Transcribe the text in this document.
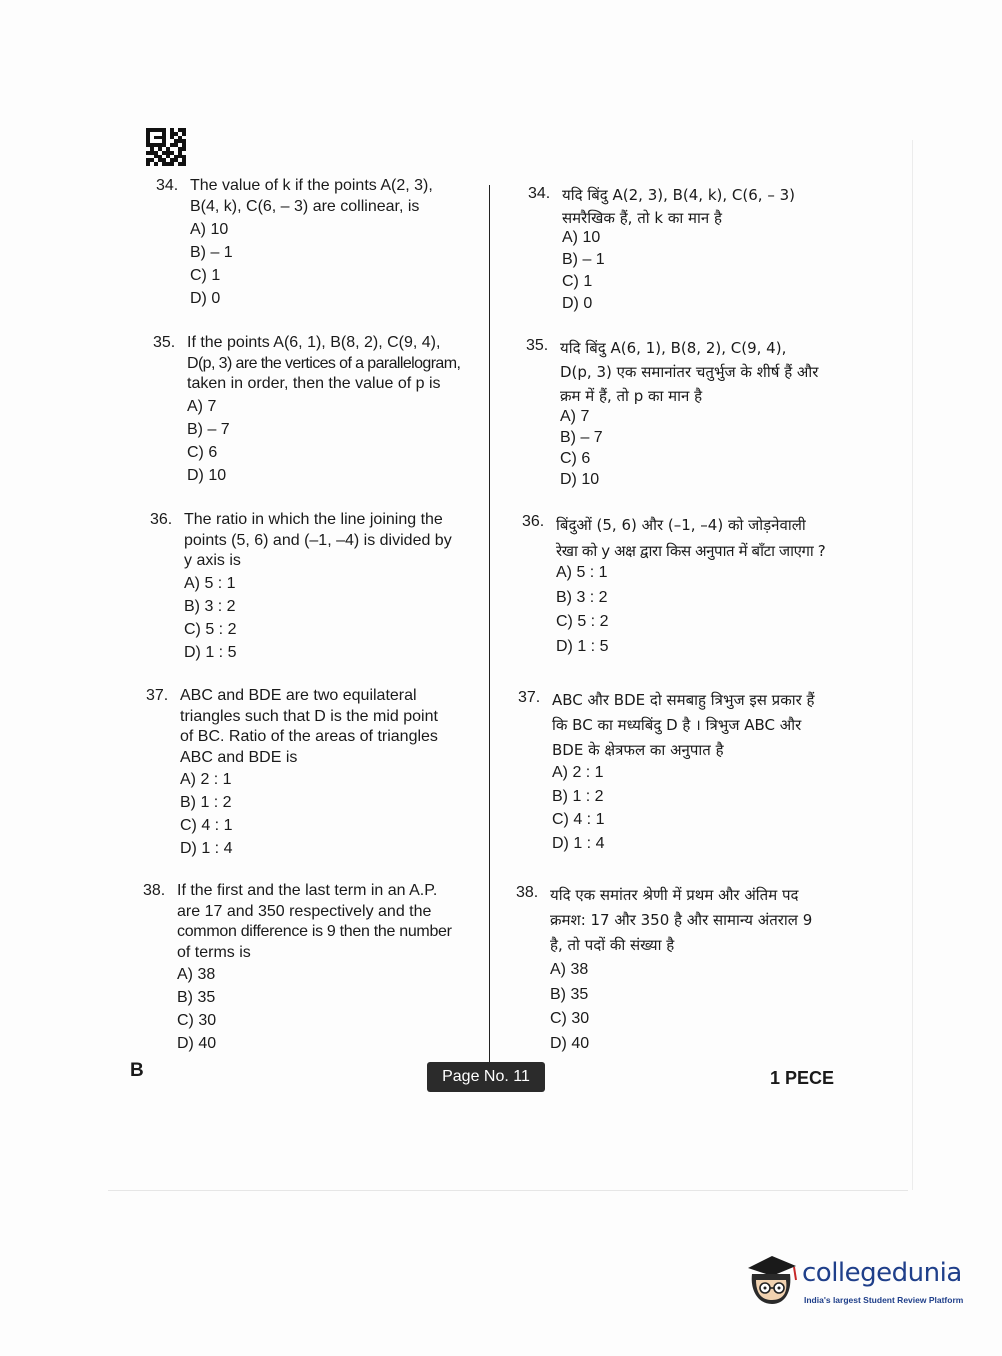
34. The value of k if the points A(2, 3),
B(4, k), C(6, – 3) are collinear, is
A) 10
B) – 1
C) 1
D) 0
35. If the points A(6, 1), B(8, 2), C(9, 4),
D(p, 3) are the vertices of a parallelogram,
taken in order, then the value of p is
A) 7
B) – 7
C) 6
D) 10
36. The ratio in which the line joining the
points (5, 6) and (–1, –4) is divided by
y axis is
A) 5 : 1
B) 3 : 2
C) 5 : 2
D) 1 : 5
37. ABC and BDE are two equilateral
triangles such that D is the mid point
of BC. Ratio of the areas of triangles
ABC and BDE is
A) 2 : 1
B) 1 : 2
C) 4 : 1
D) 1 : 4
38. If the first and the last term in an A.P.
are 17 and 350 respectively and the
common difference is 9 then the number
of terms is
A) 38
B) 35
C) 30
D) 40
34. यदि बिंदु A(2, 3), B(4, k), C(6, – 3)
समरैखिक हैं, तो k का मान है
A) 10
B) – 1
C) 1
D) 0
35. यदि बिंदु A(6, 1), B(8, 2), C(9, 4),
D(p, 3) एक समानांतर चतुर्भुज के शीर्ष हैं और
क्रम में हैं, तो p का मान है
A) 7
B) – 7
C) 6
D) 10
36. बिंदुओं (5, 6) और (–1, –4) को जोड़नेवाली
रेखा को y अक्ष द्वारा किस अनुपात में बाँटा जाएगा ?
A) 5 : 1
B) 3 : 2
C) 5 : 2
D) 1 : 5
37. ABC और BDE दो समबाहु त्रिभुज इस प्रकार हैं
कि BC का मध्यबिंदु D है । त्रिभुज ABC और
BDE के क्षेत्रफल का अनुपात है
A) 2 : 1
B) 1 : 2
C) 4 : 1
D) 1 : 4
38. यदि एक समांतर श्रेणी में प्रथम और अंतिम पद
क्रमश: 17 और 350 है और सामान्य अंतराल 9
है, तो पदों की संख्या है
A) 38
B) 35
C) 30
D) 40
B	Page No. 11	1 PECE
collegedunia
India's largest Student Review Platform
